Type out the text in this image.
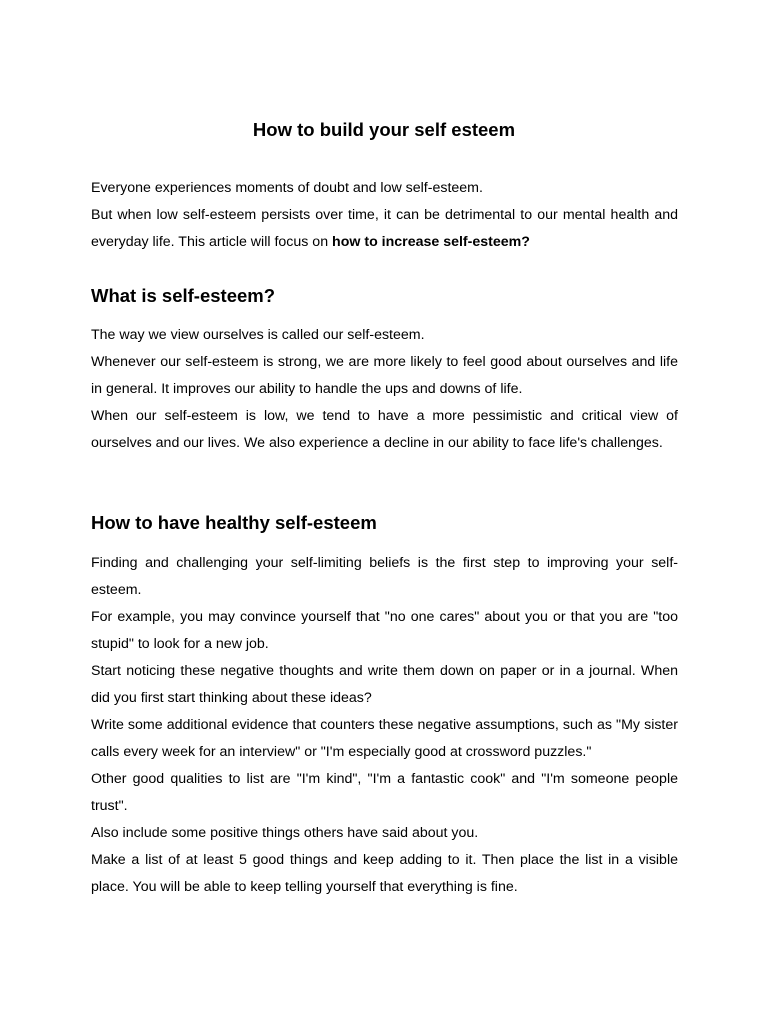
How to build your self esteem

Everyone experiences moments of doubt and low self-esteem.

But when low self-esteem persists over time, it can be detrimental to our mental health and everyday life. This article will focus on how to increase self-esteem?

What is self-esteem?

The way we view ourselves is called our self-esteem.

Whenever our self-esteem is strong, we are more likely to feel good about ourselves and life in general. It improves our ability to handle the ups and downs of life.

When our self-esteem is low, we tend to have a more pessimistic and critical view of ourselves and our lives. We also experience a decline in our ability to face life's challenges.

How to have healthy self-esteem

Finding and challenging your self-limiting beliefs is the first step to improving your self-esteem.

For example, you may convince yourself that "no one cares" about you or that you are "too stupid" to look for a new job.

Start noticing these negative thoughts and write them down on paper or in a journal. When did you first start thinking about these ideas?

Write some additional evidence that counters these negative assumptions, such as "My sister calls every week for an interview" or "I'm especially good at crossword puzzles."

Other good qualities to list are "I'm kind", "I'm a fantastic cook" and "I'm someone people trust".

Also include some positive things others have said about you.

Make a list of at least 5 good things and keep adding to it. Then place the list in a visible place. You will be able to keep telling yourself that everything is fine.
